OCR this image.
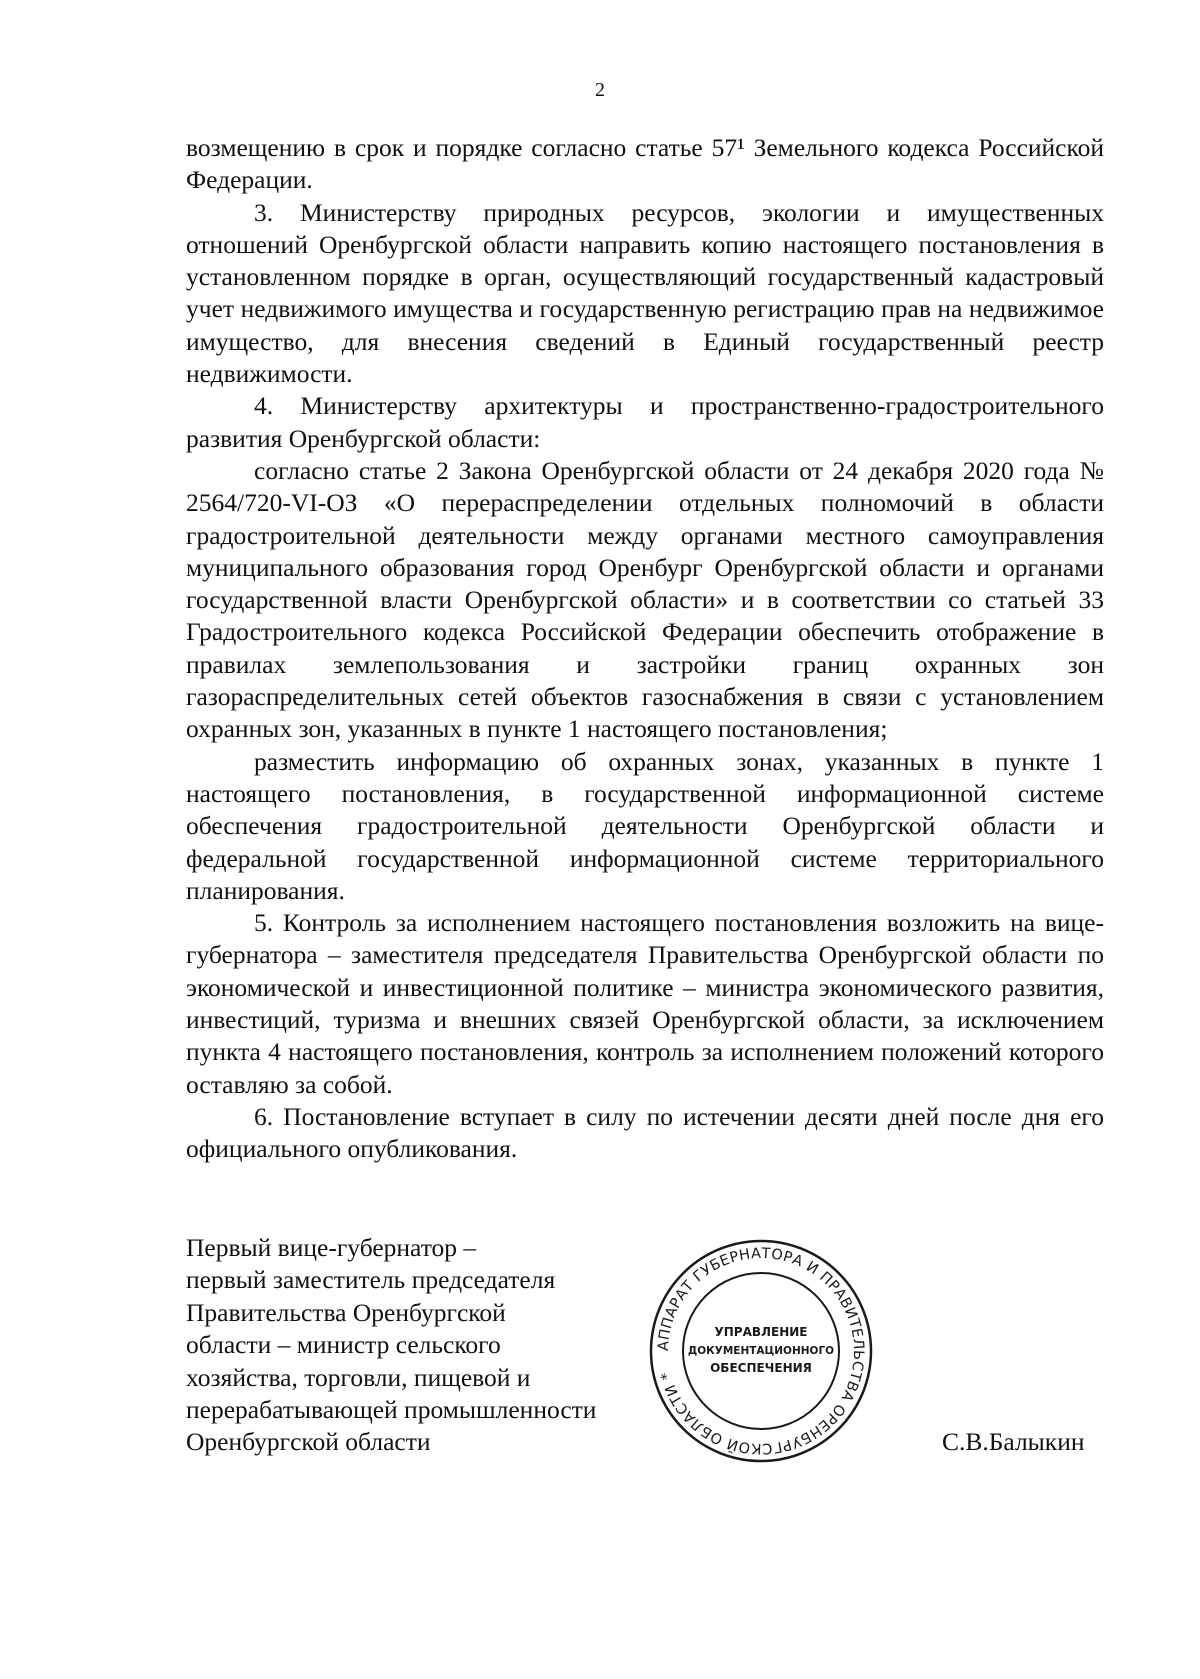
2

возмещению в срок и порядке согласно статье 57¹ Земельного кодекса Российской Федерации.

3. Министерству природных ресурсов, экологии и имущественных отношений Оренбургской области направить копию настоящего постановления в установленном порядке в орган, осуществляющий государственный кадастровый учет недвижимого имущества и государственную регистрацию прав на недвижимое имущество, для внесения сведений в Единый государственный реестр недвижимости.

4. Министерству архитектуры и пространственно-градостроительного развития Оренбургской области:

согласно статье 2 Закона Оренбургской области от 24 декабря 2020 года № 2564/720-VI-ОЗ «О перераспределении отдельных полномочий в области градостроительной деятельности между органами местного самоуправления муниципального образования город Оренбург Оренбургской области и органами государственной власти Оренбургской области» и в соответствии со статьей 33 Градостроительного кодекса Российской Федерации обеспечить отображение в правилах землепользования и застройки границ охранных зон газораспределительных сетей объектов газоснабжения в связи с установлением охранных зон, указанных в пункте 1 настоящего постановления;

разместить информацию об охранных зонах, указанных в пункте 1 настоящего постановления, в государственной информационной системе обеспечения градостроительной деятельности Оренбургской области и федеральной государственной информационной системе территориального планирования.

5. Контроль за исполнением настоящего постановления возложить на вице-губернатора – заместителя председателя Правительства Оренбургской области по экономической и инвестиционной политике – министра экономического развития, инвестиций, туризма и внешних связей Оренбургской области, за исключением пункта 4 настоящего постановления, контроль за исполнением положений которого оставляю за собой.

6. Постановление вступает в силу по истечении десяти дней после дня его официального опубликования.

Первый вице-губернатор –
первый заместитель председателя
Правительства Оренбургской
области – министр сельского
хозяйства, торговли, пищевой и
перерабатывающей промышленности
Оренбургской области
АППАРАТ ГУБЕРНАТОРА И ПРАВИТЕЛЬСТВА ОРЕНБУРГСКОЙ ОБЛАСТИ *
УПРАВЛЕНИЕ
ДОКУМЕНТАЦИОННОГО
ОБЕСПЕЧЕНИЯ
С.В.Балыкин
